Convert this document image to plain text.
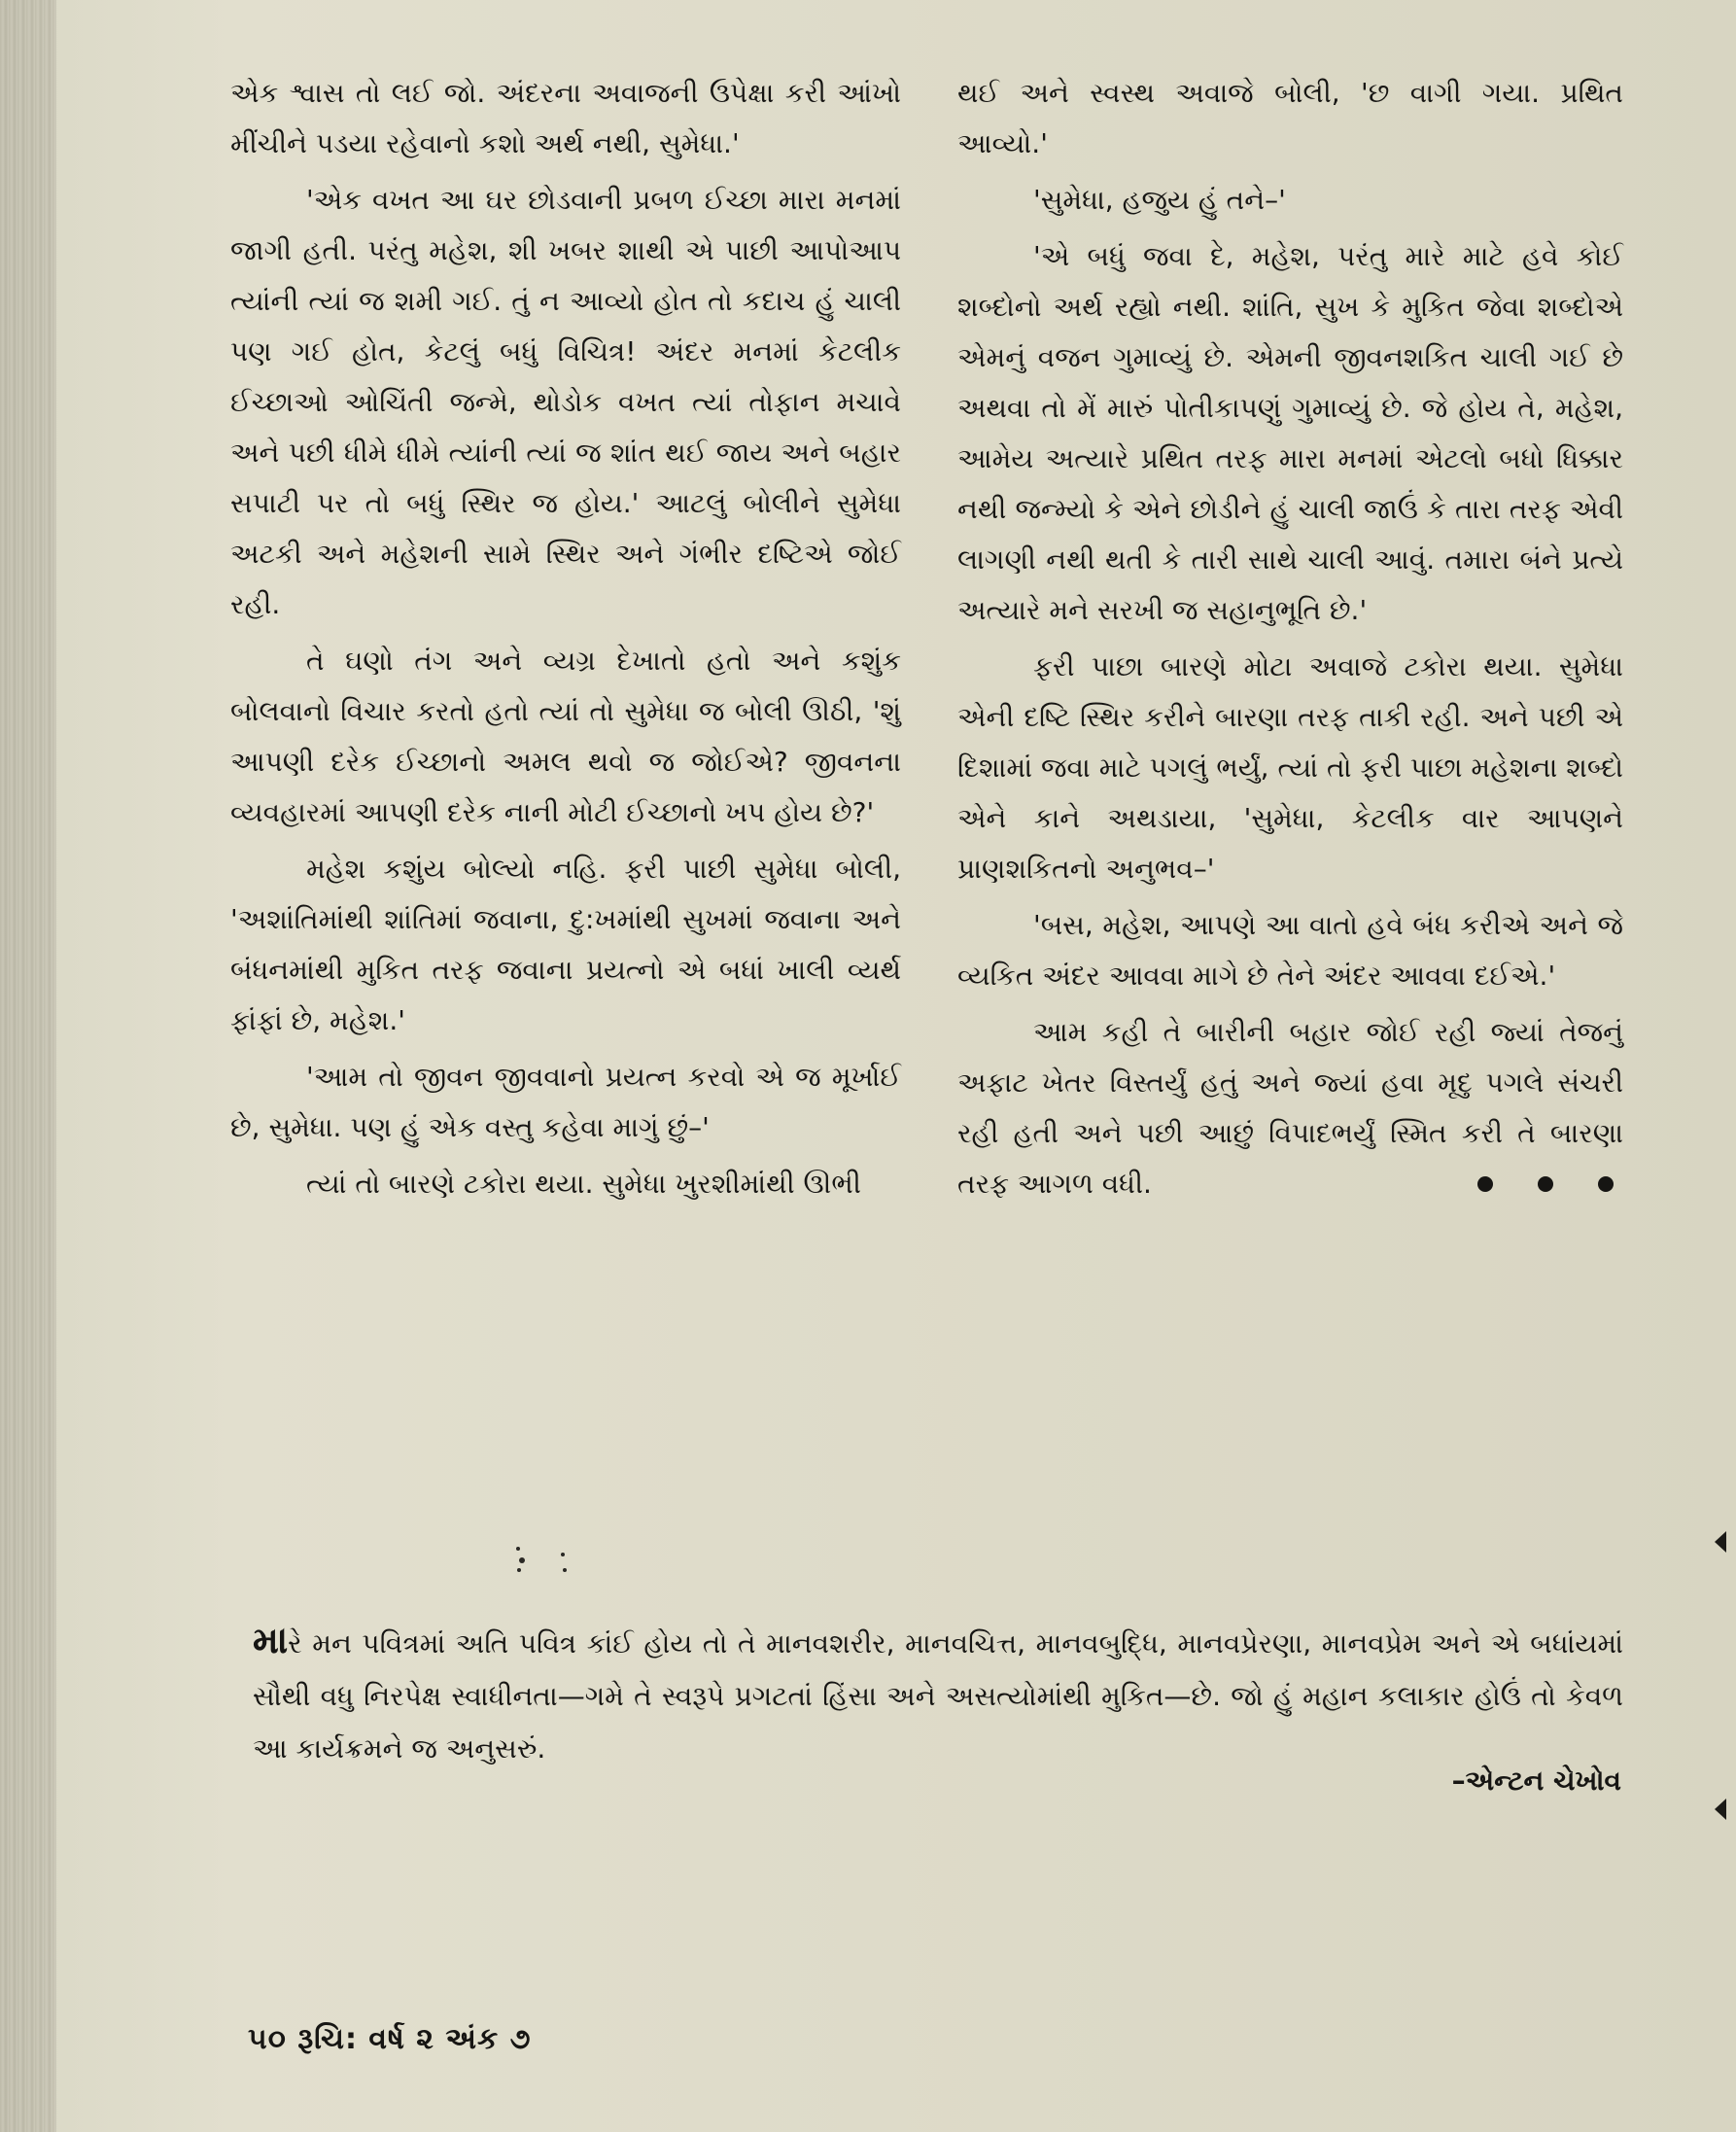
એક શ્વાસ તો લઈ જો. અંદરના અવાજની ઉપેક્ષા કરી આંખો મીંચીને પડયા રહેવાનો કશો અર્થ નથી, સુમેધા.'

'એક વખત આ ઘર છોડવાની પ્રબળ ઈચ્છા મારા મનમાં જાગી હતી. પરંતુ મહેશ, શી ખબર શાથી એ પાછી આપોઆપ ત્યાંની ત્યાં જ શમી ગઈ. તું ન આવ્યો હોત તો કદાચ હું ચાલી પણ ગઈ હોત, કેટલું બધું વિચિત્ર! અંદર મનમાં કેટલીક ઈચ્છાઓ ઓચિંતી જન્મે, થોડોક વખત ત્યાં તોફાન મચાવે અને પછી ધીમે ધીમે ત્યાંની ત્યાં જ શાંત થઈ જાય અને બહાર સપાટી પર તો બધું સ્થિર જ હોય.' આટલું બોલીને સુમેધા અટકી અને મહેશની સામે સ્થિર અને ગંભીર દષ્ટિએ જોઈ રહી.

તે ઘણો તંગ અને વ્યગ્ર દેખાતો હતો અને કશુંક બોલવાનો વિચાર કરતો હતો ત્યાં તો સુમેધા જ બોલી ઊઠી, 'શું આપણી દરેક ઈચ્છાનો અમલ થવો જ જોઈએ? જીવનના વ્યવહારમાં આપણી દરેક નાની મોટી ઈચ્છાનો ખપ હોય છે?'

મહેશ કશુંય બોલ્યો નહિ. ફરી પાછી સુમેધા બોલી, 'અશાંતિમાંથી શાંતિમાં જવાના, દુ:ખમાંથી સુખમાં જવાના અને બંધનમાંથી મુકિત તરફ જવાના પ્રયત્નો એ બધાં ખાલી વ્યર્થ ફાંફાં છે, મહેશ.'

'આમ તો જીવન જીવવાનો પ્રયત્ન કરવો એ જ મૂર્ખાઈ છે, સુમેધા. પણ હું એક વસ્તુ કહેવા માગું છું–'

ત્યાં તો બારણે ટકોરા થયા. સુમેધા ખુરશીમાંથી ઊભી

થઈ અને સ્વસ્થ અવાજે બોલી, 'છ વાગી ગયા. પ્રથિત આવ્યો.'

'સુમેધા, હજુય હું તને–'

'એ બધું જવા દે, મહેશ, પરંતુ મારે માટે હવે કોઈ શબ્દોનો અર્થ રહ્યો નથી. શાંતિ, સુખ કે મુકિત જેવા શબ્દોએ એમનું વજન ગુમાવ્યું છે. એમની જીવનશકિત ચાલી ગઈ છે અથવા તો મેં મારું પોતીકાપણું ગુમાવ્યું છે. જે હોય તે, મહેશ, આમેય અત્યારે પ્રથિત તરફ મારા મનમાં એટલો બધો ધિક્કાર નથી જન્મ્યો કે એને છોડીને હું ચાલી જાઉં કે તારા તરફ એવી લાગણી નથી થતી કે તારી સાથે ચાલી આવું. તમારા બંને પ્રત્યે અત્યારે મને સરખી જ સહાનુભૂતિ છે.'

ફરી પાછા બારણે મોટા અવાજે ટકોરા થયા. સુમેધા એની દષ્ટિ સ્થિર કરીને બારણા તરફ તાકી રહી. અને પછી એ દિશામાં જવા માટે પગલું ભર્યું, ત્યાં તો ફરી પાછા મહેશના શબ્દો એને કાને અથડાયા, 'સુમેધા, કેટલીક વાર આપણને પ્રાણશકિતનો અનુભવ–'

'બસ, મહેશ, આપણે આ વાતો હવે બંધ કરીએ અને જે વ્યકિત અંદર આવવા માગે છે તેને અંદર આવવા દઈએ.'

આમ કહી તે બારીની બહાર જોઈ રહી જ્યાં તેજનું અફાટ ખેતર વિસ્તર્યું હતું અને જ્યાં હવા મૃદુ પગલે સંચરી રહી હતી અને પછી આછું વિપાદભર્યું સ્મિત કરી તે બારણા તરફ આગળ વધી.

મારે મન પવિત્રમાં અતિ પવિત્ર કાંઈ હોય તો તે માનવશરીર, માનવચિત્ત, માનવબુદ્ધિ, માનવપ્રેરણા, માનવપ્રેમ અને એ બધાંયમાં સૌથી વધુ નિરપેક્ષ સ્વાધીનતા—ગમે તે સ્વરૂપે પ્રગટતાં હિંસા અને અસત્યોમાંથી મુકિત—છે. જો હું મહાન કલાકાર હોઉં તો કેવળ આ કાર્યક્રમને જ અનુસરું.
–એન્ટન ચેખોવ
૫૦ રૂચિ: વર્ષ ૨ અંક ૭
